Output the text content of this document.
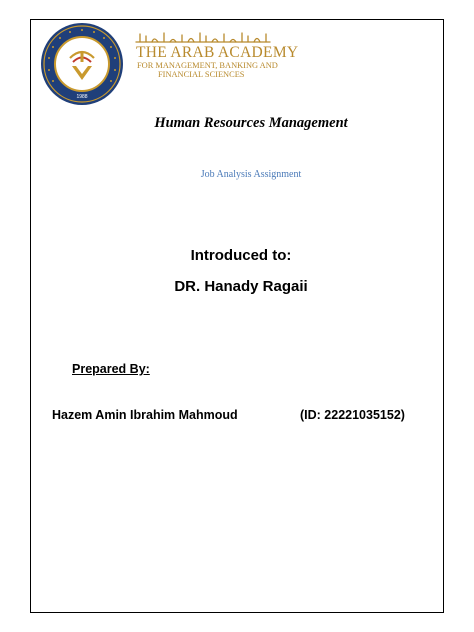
1988
THE ARAB ACADEMY
FOR MANAGEMENT, BANKING AND
FINANCIAL SCIENCES
Human Resources Management
Job Analysis Assignment
Introduced to:
DR. Hanady Ragaii
Prepared By:
Hazem Amin Ibrahim Mahmoud	(ID: 22221035152)
